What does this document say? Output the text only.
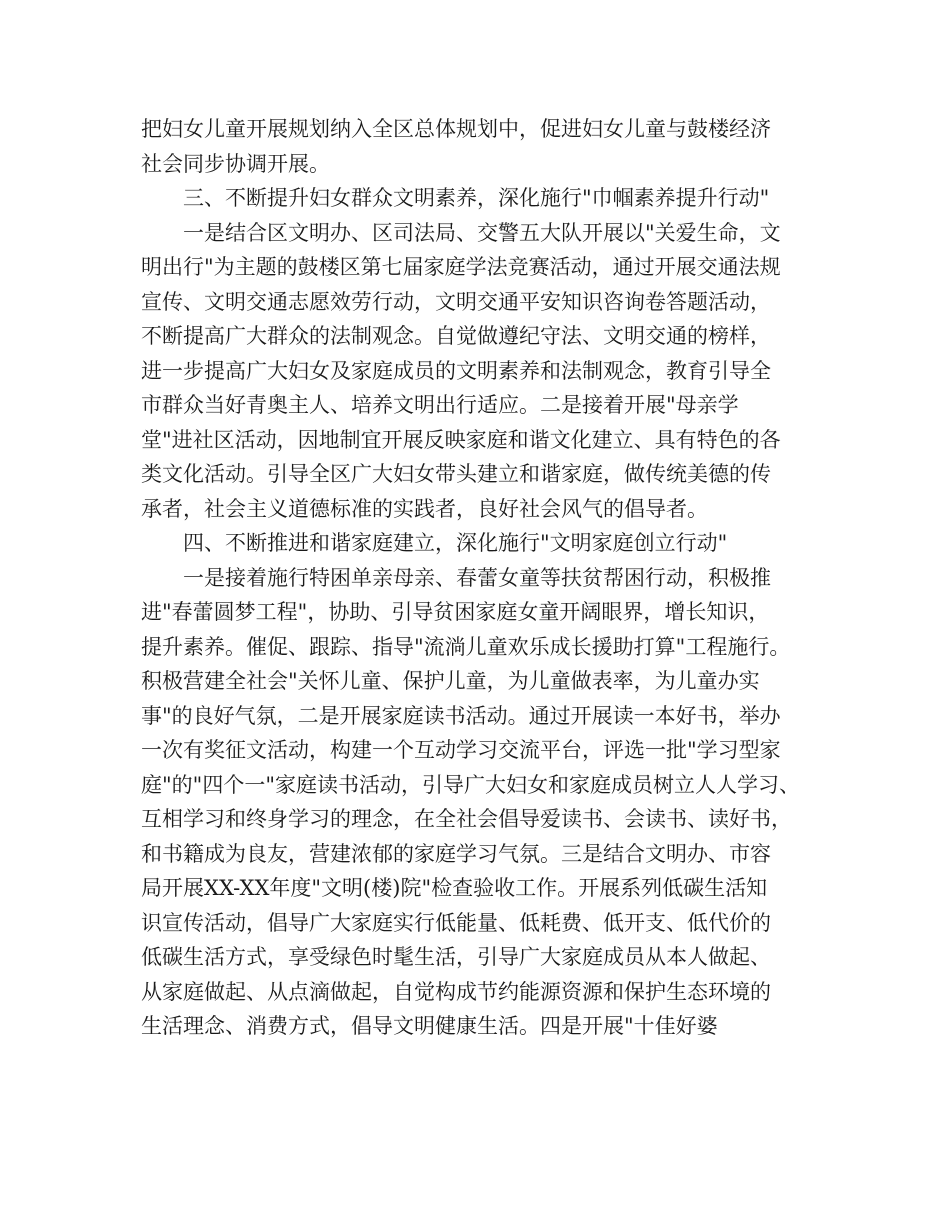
把妇女儿童开展规划纳入全区总体规划中，促进妇女儿童与鼓楼经济
社会同步协调开展。
三、不断提升妇女群众文明素养，深化施行"巾帼素养提升行动"
一是结合区文明办、区司法局、交警五大队开展以"关爱生命，文
明出行"为主题的鼓楼区第七届家庭学法竞赛活动，通过开展交通法规
宣传、文明交通志愿效劳行动，文明交通平安知识咨询卷答题活动，
不断提高广大群众的法制观念。自觉做遵纪守法、文明交通的榜样，
进一步提高广大妇女及家庭成员的文明素养和法制观念，教育引导全
市群众当好青奥主人、培养文明出行适应。二是接着开展"母亲学
堂"进社区活动，因地制宜开展反映家庭和谐文化建立、具有特色的各
类文化活动。引导全区广大妇女带头建立和谐家庭，做传统美德的传
承者，社会主义道德标准的实践者，良好社会风气的倡导者。
四、不断推进和谐家庭建立，深化施行"文明家庭创立行动"
一是接着施行特困单亲母亲、春蕾女童等扶贫帮困行动，积极推
进"春蕾圆梦工程"，协助、引导贫困家庭女童开阔眼界，增长知识，
提升素养。催促、跟踪、指导"流淌儿童欢乐成长援助打算"工程施行。
积极营建全社会"关怀儿童、保护儿童，为儿童做表率，为儿童办实
事"的良好气氛，二是开展家庭读书活动。通过开展读一本好书，举办
一次有奖征文活动，构建一个互动学习交流平台，评选一批"学习型家
庭"的"四个一"家庭读书活动，引导广大妇女和家庭成员树立人人学习、
互相学习和终身学习的理念，在全社会倡导爱读书、会读书、读好书，
和书籍成为良友，营建浓郁的家庭学习气氛。三是结合文明办、市容
局开展XX-XX年度"文明(楼)院"检查验收工作。开展系列低碳生活知
识宣传活动，倡导广大家庭实行低能量、低耗费、低开支、低代价的
低碳生活方式，享受绿色时髦生活，引导广大家庭成员从本人做起、
从家庭做起、从点滴做起，自觉构成节约能源资源和保护生态环境的
生活理念、消费方式，倡导文明健康生活。四是开展"十佳好婆
